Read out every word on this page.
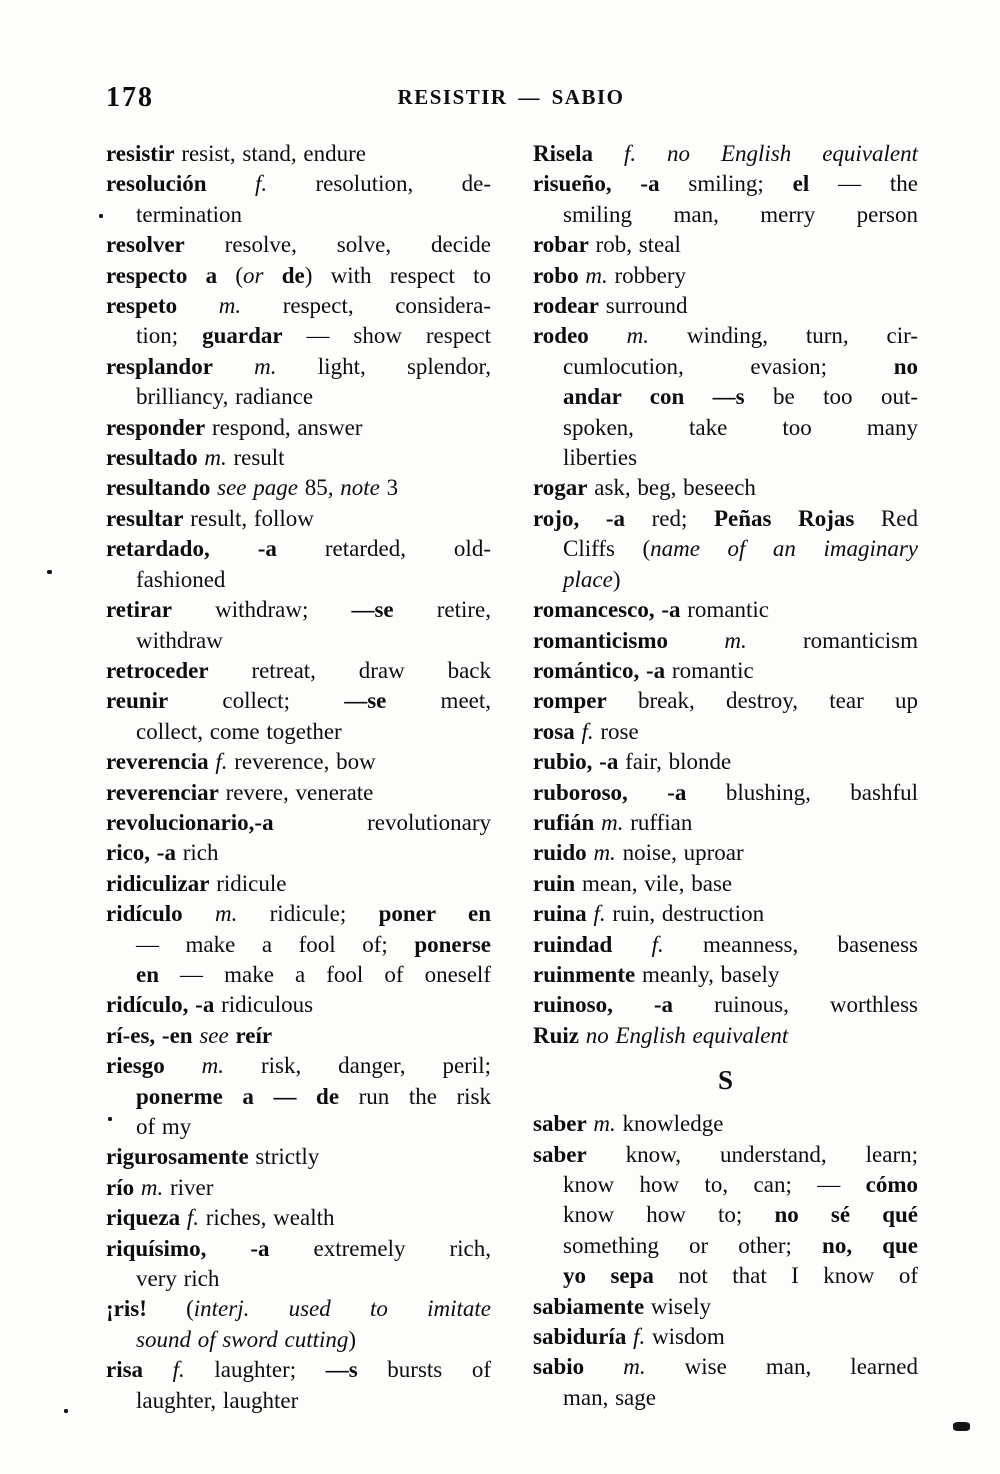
178	RESISTIR — SABIO
resistir resist, stand, endure
resolución f. resolution, de-
termination
resolver resolve, solve, decide
respecto a (or de) with respect to
respeto m. respect, considera-
tion; guardar — show respect
resplandor m. light, splendor,
brilliancy, radiance
responder respond, answer
resultado m. result
resultando see page 85, note 3
resultar result, follow
retardado, -a retarded, old-
fashioned
retirar withdraw; —se retire,
withdraw
retroceder retreat, draw back
reunir collect; —se meet,
collect, come together
reverencia f. reverence, bow
reverenciar revere, venerate
revolucionario,-a revolutionary
rico, -a rich
ridiculizar ridicule
ridículo m. ridicule; poner en
— make a fool of; ponerse
en — make a fool of oneself
ridículo, -a ridiculous
rí-es, -en see reír
riesgo m. risk, danger, peril;
ponerme a — de run the risk
of my
rigurosamente strictly
río m. river
riqueza f. riches, wealth
riquísimo, -a extremely rich,
very rich
¡ris! (interj. used to imitate
sound of sword cutting)
risa f. laughter; —s bursts of
laughter, laughter
Risela f. no English equivalent
risueño, -a smiling; el — the
smiling man, merry person
robar rob, steal
robo m. robbery
rodear surround
rodeo m. winding, turn, cir-
cumlocution, evasion; no
andar con —s be too out-
spoken, take too many
liberties
rogar ask, beg, beseech
rojo, -a red; Peñas Rojas Red
Cliffs (name of an imaginary
place)
romancesco, -a romantic
romanticismo m. romanticism
romántico, -a romantic
romper break, destroy, tear up
rosa f. rose
rubio, -a fair, blonde
ruboroso, -a blushing, bashful
rufián m. ruffian
ruido m. noise, uproar
ruin mean, vile, base
ruina f. ruin, destruction
ruindad f. meanness, baseness
ruinmente meanly, basely
ruinoso, -a ruinous, worthless
Ruiz no English equivalent
S
saber m. knowledge
saber know, understand, learn;
know how to, can; — cómo
know how to; no sé qué
something or other; no, que
yo sepa not that I know of
sabiamente wisely
sabiduría f. wisdom
sabio m. wise man, learned
man, sage
